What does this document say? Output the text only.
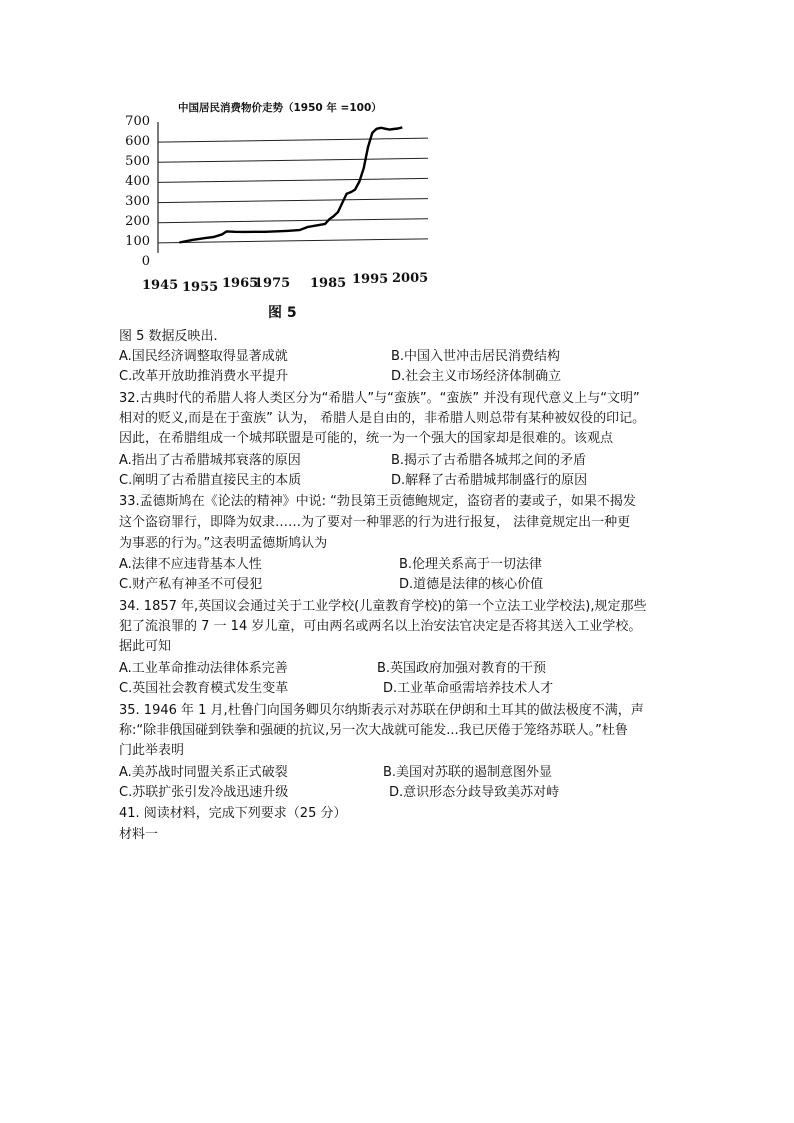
中国居民消费物价走势（1950 年 =100）
700
600
500
400
300
200
100
0
1945 1955 1965
1975 1985 1995 2005
图 5
图 5 数据反映出.
A.国民经济调整取得显著成就	B.中国入世冲击居民消费结构
C.改革开放助推消费水平提升	D.社会主义市场经济体制确立
32.古典时代的希腊人将人类区分为“希腊人”与“蛮族”。“蛮族” 并没有现代意义上与“文明”
相对的贬义,而是在于蛮族” 认为， 希腊人是自由的，非希腊人则总带有某种被奴役的印记。
因此，在希腊组成一个城邦联盟是可能的，统一为一个强大的国家却是很难的。该观点
A.指出了古希腊城邦衰落的原因	B.揭示了古希腊各城邦之间的矛盾
C.阐明了古希腊直接民主的本质	D.解释了古希腊城邦制盛行的原因
33.孟德斯鸠在《论法的精神》中说: “勃艮第王贡德鲍规定，盗窃者的妻或子，如果不揭发
这个盗窃罪行，即降为奴隶……为了要对一种罪恶的行为进行报复， 法律竟规定出一种更
为事恶的行为。”这表明孟德斯鸠认为
A.法律不应违背基本人性	B.伦理关系高于一切法律
C.财产私有神圣不可侵犯	D.道德是法律的核心价值
34. 1857 年,英国议会通过关于工业学校(儿童教育学校)的第一个立法工业学校法),规定那些
犯了流浪罪的 7 一 14 岁儿童，可由两名或两名以上治安法官决定是否将其送入工业学校。
据此可知
A.工业革命推动法律体系完善	B.英国政府加强对教育的干预
C.英国社会教育模式发生变革	D.工业革命亟需培养技术人才
35. 1946 年 1 月,杜鲁门向国务卿贝尔纳斯表示对苏联在伊朗和土耳其的做法极度不满，声
称:“除非俄国碰到铁拳和强硬的抗议,另一次大战就可能发...我已厌倦于笼络苏联人。”杜鲁
门此举表明
A.美苏战时同盟关系正式破裂	B.美国对苏联的遏制意图外显
C.苏联扩张引发冷战迅速升级	D.意识形态分歧导致美苏对峙
41. 阅读材料，完成下列要求（25 分）
材料一
